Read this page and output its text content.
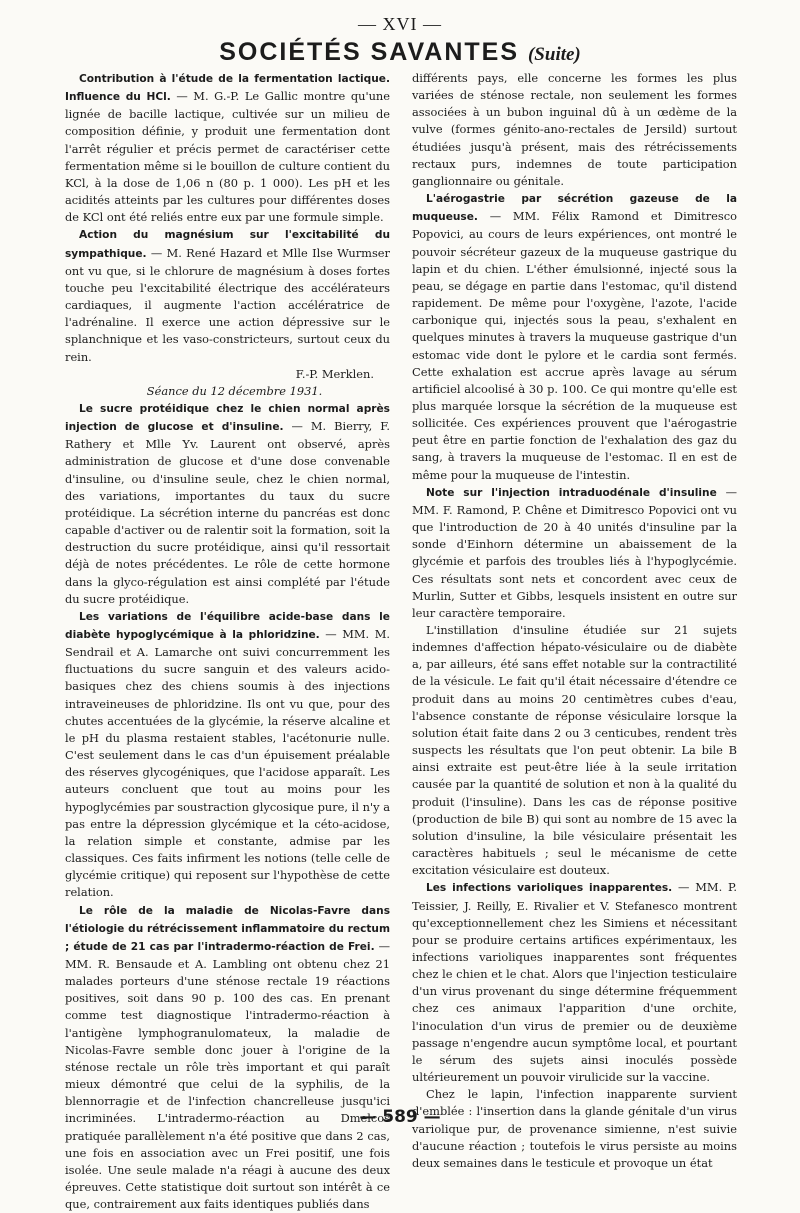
— XVI —
SOCIÉTÉS SAVANTES (Suite)

Contribution à l'étude de la fermentation lactique. Influence du HCl. — M. G.-P. Le Gallic montre qu'une lignée de bacille lactique, cultivée sur un milieu de composition définie, y produit une fermentation dont l'arrêt régulier et précis permet de caractériser cette fermentation même si le bouillon de culture contient du KCl, à la dose de 1,06 n (80 p. 1 000). Les pH et les acidités atteints par les cultures pour différentes doses de KCl ont été reliés entre eux par une formule simple.

Action du magnésium sur l'excitabilité du sympathique. — M. René Hazard et Mlle Ilse Wurmser ont vu que, si le chlorure de magnésium à doses fortes touche peu l'excitabilité électrique des accélérateurs cardiaques, il augmente l'action accélératrice de l'adrénaline. Il exerce une action dépressive sur le splanchnique et les vaso-constricteurs, surtout ceux du rein.

F.-P. Merklen.

Séance du 12 décembre 1931.

Le sucre protéidique chez le chien normal après injection de glucose et d'insuline. — M. Bierry, F. Rathery et Mlle Yv. Laurent ont observé, après administration de glucose et d'une dose convenable d'insuline, ou d'insuline seule, chez le chien normal, des variations, importantes du taux du sucre protéidique. La sécrétion interne du pancréas est donc capable d'activer ou de ralentir soit la formation, soit la destruction du sucre protéidique, ainsi qu'il ressortait déjà de notes précédentes. Le rôle de cette hormone dans la glyco-régulation est ainsi complété par l'étude du sucre protéidique.

Les variations de l'équilibre acide-base dans le diabète hypoglycémique à la phloridzine. — MM. M. Sendrail et A. Lamarche ont suivi concurremment les fluctuations du sucre sanguin et des valeurs acido-basiques chez des chiens soumis à des injections intraveineuses de phloridzine. Ils ont vu que, pour des chutes accentuées de la glycémie, la réserve alcaline et le pH du plasma restaient stables, l'acétonurie nulle. C'est seulement dans le cas d'un épuisement préalable des réserves glycogéniques, que l'acidose apparaît. Les auteurs concluent que tout au moins pour les hypoglycémies par soustraction glycosique pure, il n'y a pas entre la dépression glycémique et la céto-acidose, la relation simple et constante, admise par les classiques. Ces faits infirment les notions (telle celle de glycémie critique) qui reposent sur l'hypothèse de cette relation.

Le rôle de la maladie de Nicolas-Favre dans l'étiologie du rétrécissement inflammatoire du rectum ; étude de 21 cas par l'intradermo-réaction de Frei. — MM. R. Bensaude et A. Lambling ont obtenu chez 21 malades porteurs d'une sténose rectale 19 réactions positives, soit dans 90 p. 100 des cas. En prenant comme test diagnostique l'intradermo-réaction à l'antigène lymphogranulomateux, la maladie de Nicolas-Favre semble donc jouer à l'origine de la sténose rectale un rôle très important et qui paraît mieux démontré que celui de la syphilis, de la blennorragie et de l'infection chancrelleuse jusqu'ici incriminées. L'intradermo-réaction au Dmelcos pratiquée parallèlement n'a été positive que dans 2 cas, une fois en association avec un Frei positif, une fois isolée. Une seule malade n'a réagi à aucune des deux épreuves. Cette statistique doit surtout son intérêt à ce que, contrairement aux faits identiques publiés dans

différents pays, elle concerne les formes les plus variées de sténose rectale, non seulement les formes associées à un bubon inguinal dû à un œdème de la vulve (formes génito-ano-rectales de Jersild) surtout étudiées jusqu'à présent, mais des rétrécissements rectaux purs, indemnes de toute participation ganglionnaire ou génitale.

L'aérogastrie par sécrétion gazeuse de la muqueuse. — MM. Félix Ramond et Dimitresco Popovici, au cours de leurs expériences, ont montré le pouvoir sécréteur gazeux de la muqueuse gastrique du lapin et du chien. L'éther émulsionné, injecté sous la peau, se dégage en partie dans l'estomac, qu'il distend rapidement. De même pour l'oxygène, l'azote, l'acide carbonique qui, injectés sous la peau, s'exhalent en quelques minutes à travers la muqueuse gastrique d'un estomac vide dont le pylore et le cardia sont fermés. Cette exhalation est accrue après lavage au sérum artificiel alcoolisé à 30 p. 100. Ce qui montre qu'elle est plus marquée lorsque la sécrétion de la muqueuse est sollicitée. Ces expériences prouvent que l'aérogastrie peut être en partie fonction de l'exhalation des gaz du sang, à travers la muqueuse de l'estomac. Il en est de même pour la muqueuse de l'intestin.

Note sur l'injection intraduodénale d'insuline — MM. F. Ramond, P. Chêne et Dimitresco Popovici ont vu que l'introduction de 20 à 40 unités d'insuline par la sonde d'Einhorn détermine un abaissement de la glycémie et parfois des troubles liés à l'hypoglycémie. Ces résultats sont nets et concordent avec ceux de Murlin, Sutter et Gibbs, lesquels insistent en outre sur leur caractère temporaire.

L'instillation d'insuline étudiée sur 21 sujets indemnes d'affection hépato-vésiculaire ou de diabète a, par ailleurs, été sans effet notable sur la contractilité de la vésicule. Le fait qu'il était nécessaire d'étendre ce produit dans au moins 20 centimètres cubes d'eau, l'absence constante de réponse vésiculaire lorsque la solution était faite dans 2 ou 3 centicubes, rendent très suspects les résultats que l'on peut obtenir. La bile B ainsi extraite est peut-être liée à la seule irritation causée par la quantité de solution et non à la qualité du produit (l'insuline). Dans les cas de réponse positive (production de bile B) qui sont au nombre de 15 avec la solution d'insuline, la bile vésiculaire présentait les caractères habituels ; seul le mécanisme de cette excitation vésiculaire est douteux.

Les infections varioliques inapparentes. — MM. P. Teissier, J. Reilly, E. Rivalier et V. Stefanesco montrent qu'exceptionnellement chez les Simiens et nécessitant pour se produire certains artifices expérimentaux, les infections varioliques inapparentes sont fréquentes chez le chien et le chat. Alors que l'injection testiculaire d'un virus provenant du singe détermine fréquemment chez ces animaux l'apparition d'une orchite, l'inoculation d'un virus de premier ou de deuxième passage n'engendre aucun symptôme local, et pourtant le sérum des sujets ainsi inoculés possède ultérieurement un pouvoir virulicide sur la vaccine.

Chez le lapin, l'infection inapparente survient d'emblée : l'insertion dans la glande génitale d'un virus variolique pur, de provenance simienne, n'est suivie d'aucune réaction ; toutefois le virus persiste au moins deux semaines dans le testicule et provoque un état

— 589 —
